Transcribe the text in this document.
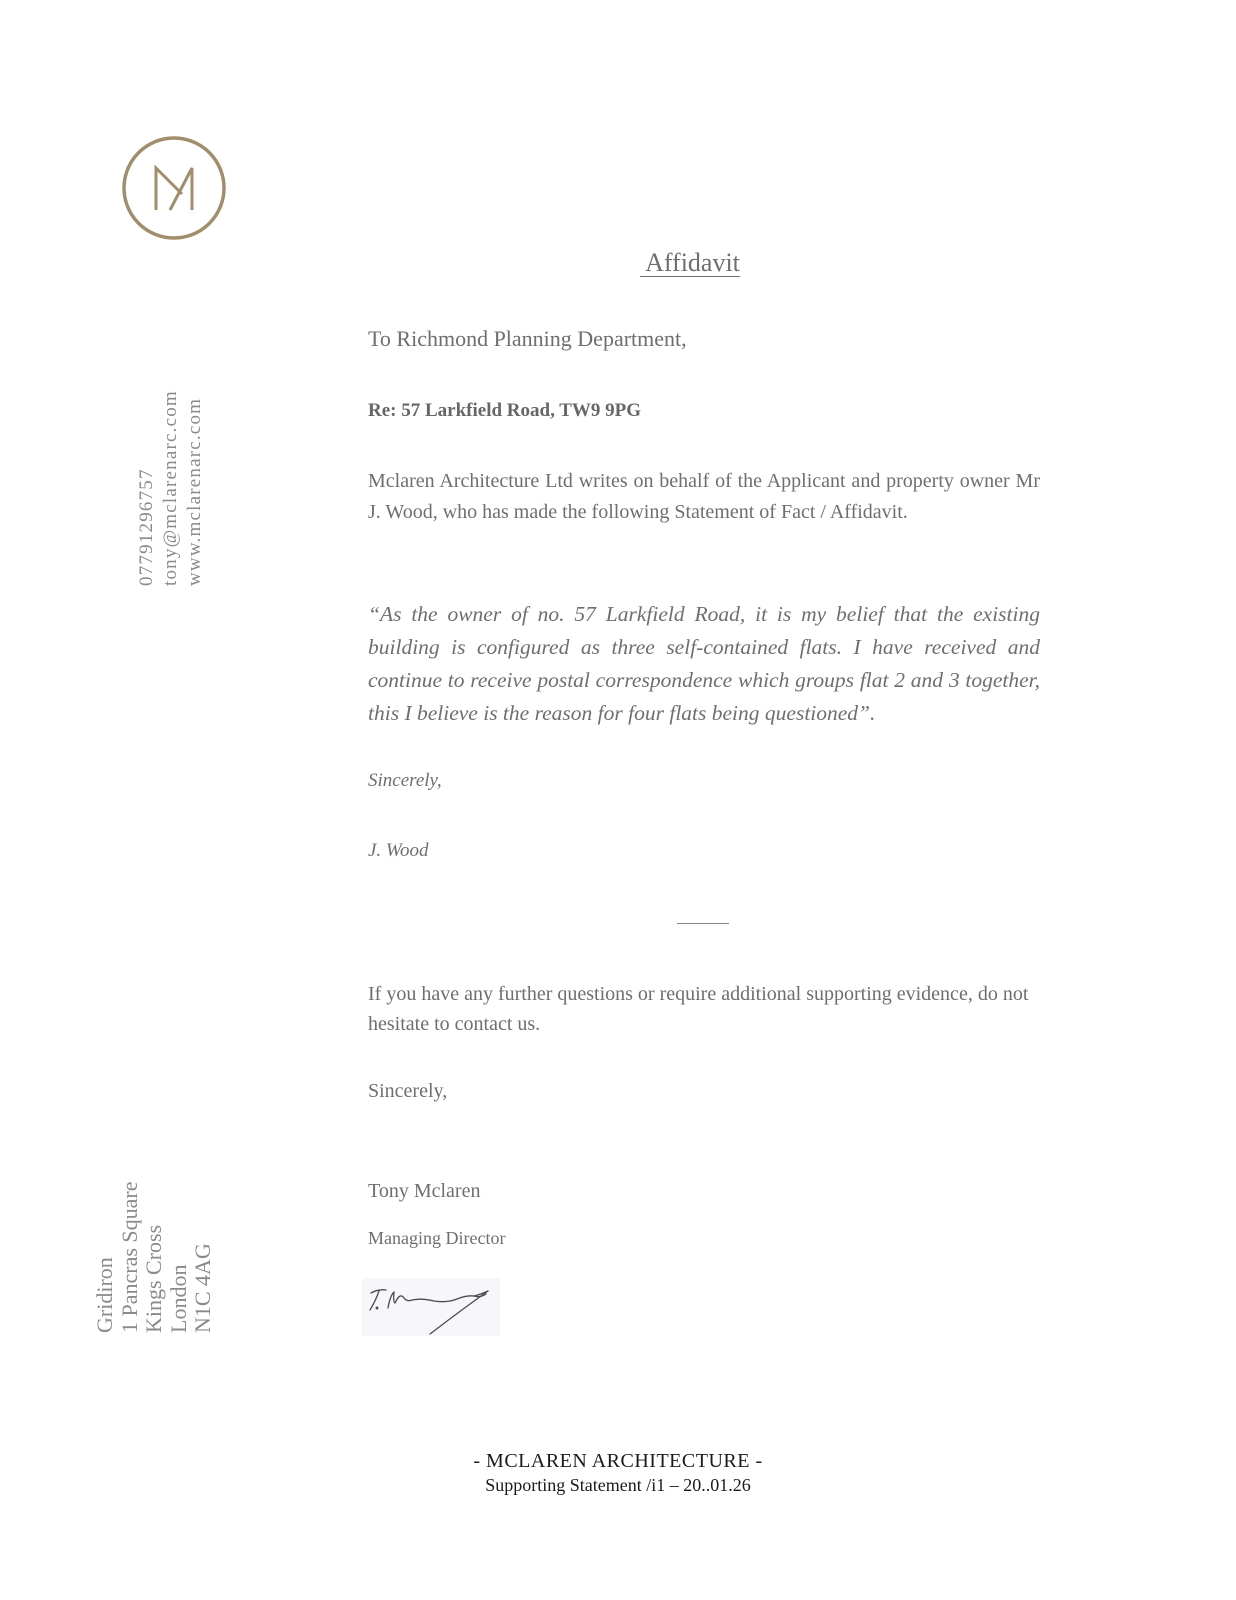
07791296757 tony@mclarenarc.com www.mclarenarc.com
Gridiron 1 Pancras Square Kings Cross London N1C 4AG
Affidavit
To Richmond Planning Department,
Re: 57 Larkfield Road, TW9 9PG
Mclaren Architecture Ltd writes on behalf of the Applicant and property owner Mr J. Wood, who has made the following Statement of Fact / Affidavit.
“As the owner of no. 57 Larkfield Road, it is my belief that the existing building is configured as three self-contained flats. I have received and continue to receive postal correspondence which groups flat 2 and 3 together, this I believe is the reason for four flats being questioned”.
Sincerely,
J. Wood
If you have any further questions or require additional supporting evidence, do not hesitate to contact us.
Sincerely,
Tony Mclaren
Managing Director
- MCLAREN ARCHITECTURE -
Supporting Statement /i1 – 20..01.26
